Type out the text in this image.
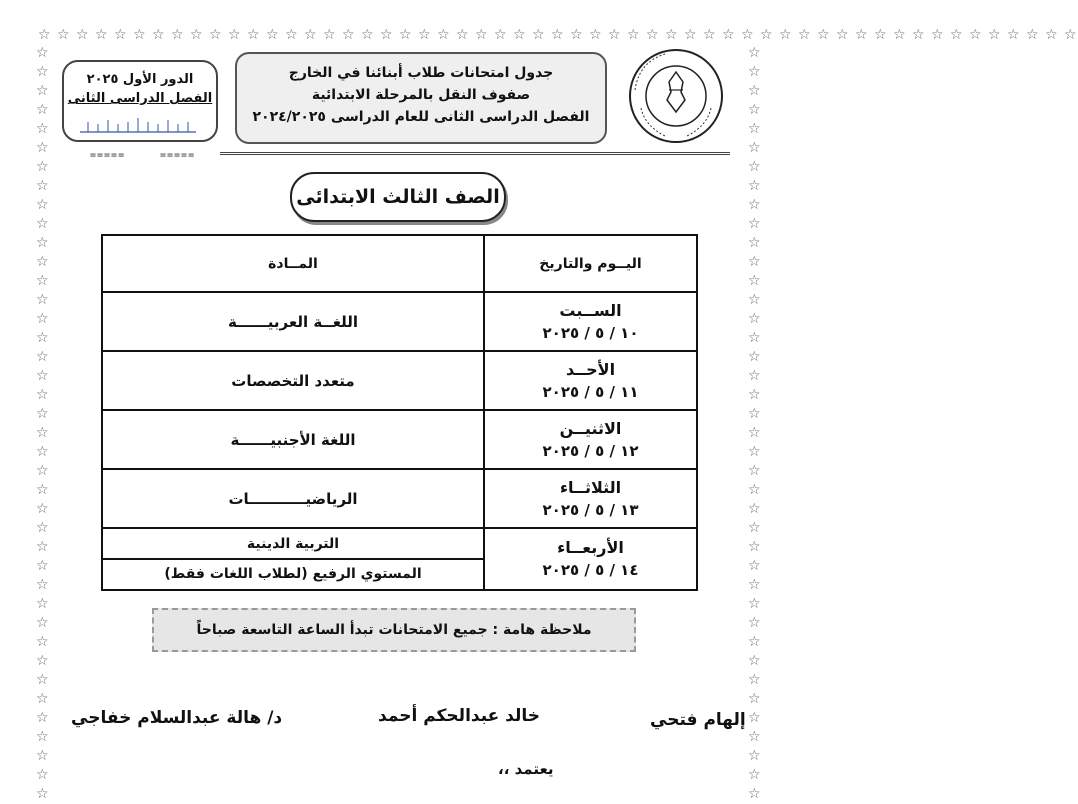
☆ ☆ ☆ ☆ ☆ ☆ ☆ ☆ ☆ ☆ ☆ ☆ ☆ ☆ ☆ ☆ ☆ ☆ ☆ ☆ ☆ ☆ ☆ ☆ ☆ ☆ ☆ ☆ ☆ ☆ ☆ ☆ ☆ ☆ ☆ ☆ ☆ ☆ ☆ ☆ ☆ ☆ ☆ ☆ ☆ ☆ ☆ ☆ ☆ ☆ ☆ ☆ ☆ ☆ ☆
☆☆☆☆☆☆☆☆☆☆☆☆☆☆☆☆☆☆☆☆☆☆☆☆☆☆☆☆☆☆☆☆☆☆☆☆☆☆☆☆
☆☆☆☆☆☆☆☆☆☆☆☆☆☆☆☆☆☆☆☆☆☆☆☆☆☆☆☆☆☆☆☆☆☆☆☆☆☆☆☆
جدول امتحانات طلاب أبنائنا في الخارج
صفوف النقل بالمرحلة الابتدائية
الفصل الدراسى الثانى للعام الدراسى ٢٠٢٤/٢٠٢٥
الدور الأول ٢٠٢٥
الفصل الدراسى الثانى
=====	=====
الصف الثالث الابتدائى
اليــوم والتاريخ	المــادة

الســبت
١٠ / ٥ / ٢٠٢٥	اللغــة العربيــــــة

الأحــد
١١ / ٥ / ٢٠٢٥	متعدد التخصصات

الاثنيــن
١٢ / ٥ / ٢٠٢٥	اللغة الأجنبيــــــة

الثلاثــاء
١٣ / ٥ / ٢٠٢٥	الرياضيـــــــــــات

الأربعــاء
١٤ / ٥ / ٢٠٢٥	التربية الدينية
المستوي الرفيع (لطلاب اللغات فقط)
ملاحظة هامة : جميع الامتحانات تبدأ الساعة التاسعة صباحاً
د/ هالة عبدالسلام خفاجي	خالد عبدالحكم أحمد	إلهام فتحي
يعتمد ،،
